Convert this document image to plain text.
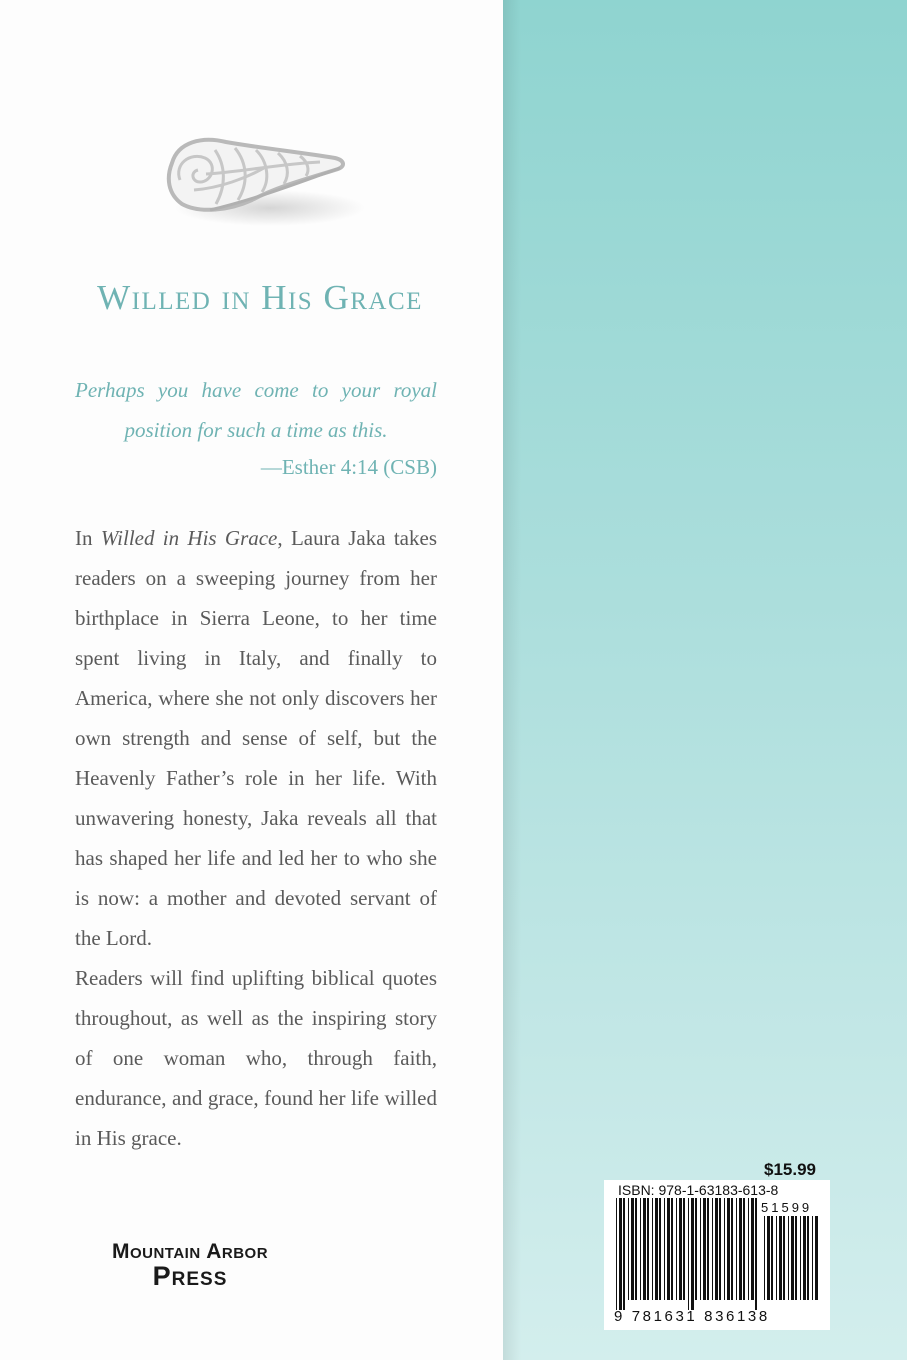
Willed in His Grace
Perhaps you have come to your royal
position for such a time as this.
—Esther 4:14 (CSB)

In Willed in His Grace, Laura Jaka takes readers on a sweeping journey from her birthplace in Sierra Leone, to her time spent living in Italy, and finally to America, where she not only discovers her own strength and sense of self, but the Heavenly Father’s role in her life. With unwavering honesty, Jaka reveals all that has shaped her life and led her to who she is now: a mother and devoted servant of the Lord.

Readers will find uplifting biblical quotes throughout, as well as the inspiring story of one woman who, through faith, endurance, and grace, found her life willed in His grace.

Mountain Arbor
Press
$15.99
ISBN: 978-1-63183-613-8
51599
9 781631 836138
